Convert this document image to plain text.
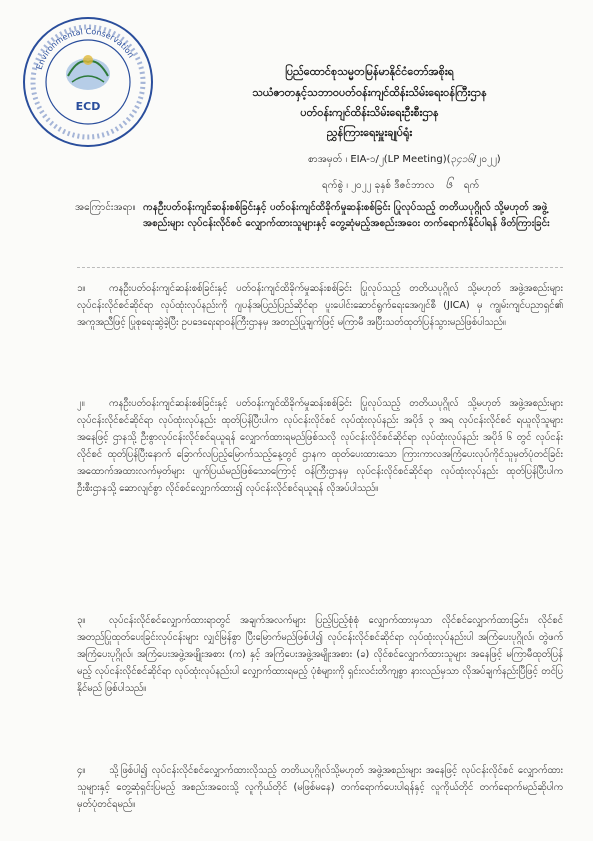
Environmental Conservation
ECD
ပြည်ထောင်စုသမ္မတမြန်မာနိုင်ငံတော်အစိုးရ
သယံဇာတနှင့်သဘာဝပတ်ဝန်းကျင်ထိန်းသိမ်းရေးဝန်ကြီးဌာန
ပတ်ဝန်းကျင်ထိန်းသိမ်းရေးဦးစီးဌာန
ညွှန်ကြားရေးမှူးချုပ်ရုံး
စာအမှတ် ၊ EIA-၁/၂(LP Meeting)(၃၄၁၆/၂၀၂၂)
ရက်စွဲ ၊ ၂၀၂၂ ခုနှစ် ဒီဇင်ဘာလ ၆ ရက်
အကြောင်းအရာ။ ကနဦးပတ်ဝန်းကျင်ဆန်းစစ်ခြင်းနှင့် ပတ်ဝန်းကျင်ထိခိုက်မှုဆန်းစစ်ခြင်း ပြုလုပ်သည့် တတိယပုဂ္ဂိုလ် သို့မဟုတ် အဖွဲ့အစည်းများ လုပ်ငန်းလိုင်စင် လျှောက်ထားသူများနှင့် တွေ့ဆုံမည့်အစည်းအဝေး တက်ရောက်နိုင်ပါရန် ဖိတ်ကြားခြင်း
၁။ ကနဦးပတ်ဝန်းကျင်ဆန်းစစ်ခြင်းနှင့် ပတ်ဝန်းကျင်ထိခိုက်မှုဆန်းစစ်ခြင်း ပြုလုပ်သည့် တတိယပုဂ္ဂိုလ် သို့မဟုတ် အဖွဲ့အစည်းများ လုပ်ငန်းလိုင်စင်ဆိုင်ရာ လုပ်ထုံးလုပ်နည်းကို ဂျပန်အပြည်ပြည်ဆိုင်ရာ ပူးပေါင်းဆောင်ရွက်ရေးအေဂျင်စီ (JICA) မှ ကျွမ်းကျင်ပညာရှင်၏ အကူအညီဖြင့် ပြုစုရေးဆွဲခဲ့ပြီး ဥပဒေရေးရာဝန်ကြီးဌာနမှ အတည်ပြုချက်ဖြင့် မကြာမီ အပြီးသတ်ထုတ်ပြန်သွားမည်ဖြစ်ပါသည်။
၂။	ကနဦးပတ်ဝန်းကျင်ဆန်းစစ်ခြင်းနှင့် ပတ်ဝန်းကျင်ထိခိုက်မှုဆန်းစစ်ခြင်း ပြုလုပ်သည့် တတိယပုဂ္ဂိုလ် သို့မဟုတ် အဖွဲ့အစည်းများ လုပ်ငန်းလိုင်စင်ဆိုင်ရာ လုပ်ထုံးလုပ်နည်း ထုတ်ပြန်ပြီးပါက လုပ်ငန်းလိုင်စင် လုပ်ထုံးလုပ်နည်း အပိုဒ် ၃ အရ လုပ်ငန်းလိုင်စင် ရယူလိုသူများအနေဖြင့် ဌာနသို့ ဦးစွာလုပ်ငန်းလိုင်စင်ရယူရန် လျှောက်ထားရမည်ဖြစ်သလို လုပ်ငန်းလိုင်စင်ဆိုင်ရာ လုပ်ထုံးလုပ်နည်း အပိုဒ် ၆ တွင် လုပ်ငန်းလိုင်စင် ထုတ်ပြန်ပြီးနောက် ခြောက်လပြည့်မြောက်သည့်နေ့တွင် ဌာနက ထုတ်ပေးထားသော ကြားကာလအကြံပေးလုပ်ကိုင်သူမှတ်ပုံတင်ခြင်း အထောက်အထားလက်မှတ်များ ပျက်ပြယ်မည်ဖြစ်သောကြောင့် ဝန်ကြီးဌာနမှ လုပ်ငန်းလိုင်စင်ဆိုင်ရာ လုပ်ထုံးလုပ်နည်း ထုတ်ပြန်ပြီးပါက ဦးစီးဌာနသို့ ဆောလျင်စွာ လိုင်စင်လျှောက်ထား၍ လုပ်ငန်းလိုင်စင်ရယူရန် လိုအပ်ပါသည်။
၃။ လုပ်ငန်းလိုင်စင်လျှောက်ထားရာတွင် အချက်အလက်များ ပြည့်ပြည့်စုံစုံ လျှောက်ထားမှသာ လိုင်စင်လျှောက်ထားခြင်း၊ လိုင်စင်အတည်ပြုထုတ်ပေးခြင်းလုပ်ငန်းများ လျှင်မြန်စွာ ပြီးမြောက်မည်ဖြစ်ပါ၍ လုပ်ငန်းလိုင်စင်ဆိုင်ရာ လုပ်ထုံးလုပ်နည်းပါ အကြံပေးပုဂ္ဂိုလ်၊ တွဲဖက်အကြံပေးပုဂ္ဂိုလ်၊ အကြံပေးအဖွဲ့အဖျိုးအစား (က) နှင့် အကြံပေးအဖွဲ့အမျိုးအစား (ခ) လိုင်စင်လျှောက်ထားသူများ အနေဖြင့် မကြာမီထုတ်ပြန်မည့် လုပ်ငန်းလိုင်စင်ဆိုင်ရာ လုပ်ထုံးလုပ်နည်းပါ လျှောက်ထားရမည့် ပုံစံများကို ရှင်းလင်းတိကျစွာ နားလည်မှသာ လိုအပ်ချက်နည်းပြီဖြင့် တင်ပြနိုင်မည် ဖြစ်ပါသည်။
၄။ သို့ဖြစ်ပါ၍ လုပ်ငန်းလိုင်စင်လျှောက်ထားလိုသည့် တတိယပုဂ္ဂိုလ်သို့မဟုတ် အဖွဲ့အစည်းများ အနေဖြင့် လုပ်ငန်းလိုင်စင် လျှောက်ထားသူများနှင့် တွေ့ဆုံရှင်းပြမည့် အစည်းအဝေးသို့ လူကိုယ်တိုင် (မဖြစ်မနေ) တက်ရောက်ပေးပါရန်နှင့် လူကိုယ်တိုင် တက်ရောက်မည်ဆိုပါက မှတ်ပုံတင်ရမည်။
